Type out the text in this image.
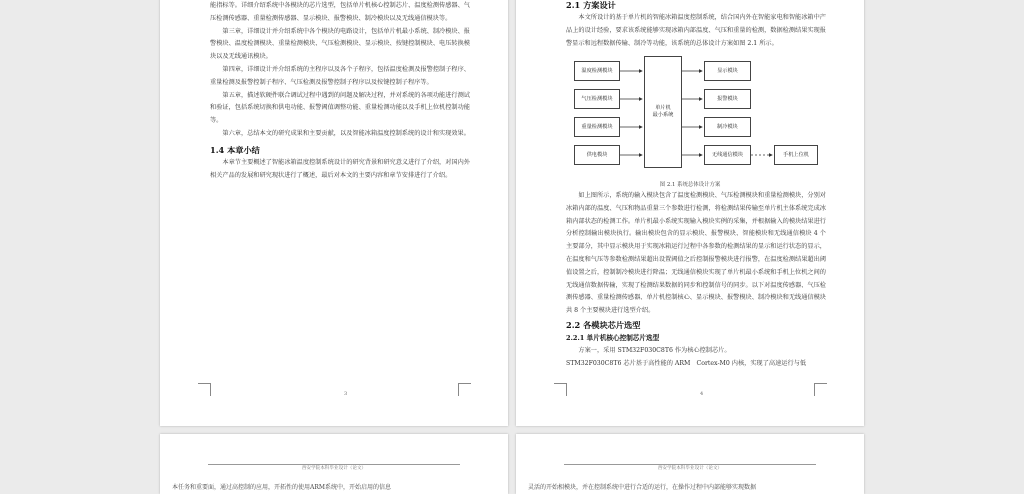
能指标等。详细介绍系统中各模块的芯片选型，包括单片机核心控制芯片、温度检测传感器、气压检测传感器、重量检测传感器、显示模块、报警模块、制冷模块以及无线通信模块等。

第三章，详细设计并介绍系统中各个模块的电路设计，包括单片机最小系统、制冷模块、报警模块、温度检测模块、重量检测模块、气压检测模块、显示模块、按键控制模块、电压转换模块以及无线通讯模块。

第四章，详细设计并介绍系统的主程序以及各个子程序，包括温度检测及报警控制子程序、重量检测及报警控制子程序、气压检测及报警控制子程序以及按键控制子程序等。

第五章，描述软硬件联合调试过程中遇到的问题及解决过程，并对系统的各项功能进行测试和验证，包括系统切换和供电功能、报警阈值调整功能、重量检测功能以及手机上位机控制功能等。

第六章，总结本文的研究成果和主要贡献，以及智能冰箱温度控制系统的设计和实现效果。

1.4 本章小结

本章节主要概述了智能冰箱温度控制系统设计的研究背景和研究意义进行了介绍，对国内外相关产品的发展和研究现状进行了概述，最后对本文的主要内容和章节安排进行了介绍。

3

2.1 方案设计

本文所设计的基于单片机的智能冰箱温度控制系统，结合国内外在智能家电和智能冰箱中产品上的设计经验，要求该系统能够实现冰箱内部温度、气压和重量的检测，数据检测结果实现报警显示和远程数据传输、制冷等功能，该系统的总体设计方案如图 2.1 所示。

温度检测模块
气压检测模块
重量检测模块
供电模块
单片机
最小系统
显示模块
报警模块
制冷模块
无线通信模块	手机上位机
图 2.1 系统总体设计方案

如上图所示，系统的输入模块包含了温度检测模块、气压检测模块和重量检测模块，分别对冰箱内部的温度、气压和物品重量三个参数进行检测，将检测结果传输至单片机主体系统完成冰箱内部状态的检测工作。单片机最小系统实现输入模块实例的采集，并根据输入的模块结果进行分析控制输出模块执行。输出模块包含的显示模块、报警模块、智能模块和无线通信模块 4 个主要部分，其中显示模块用于实现冰箱运行过程中各参数的检测结果的显示和运行状态的显示，在温度和气压等参数检测结果超出设置阈值之后控制报警模块进行报警，在温度检测结果超出阈值设置之后，控制制冷模块进行降温；无线通信模块实现了单片机最小系统和手机上位机之间的无线通信数据传输，实现了检测结果数据的同步和控制信号的同步。以下对温度传感器、气压检测传感器、重量检测传感器、单片机控制核心、显示模块、报警模块、制冷模块和无线通信模块共 8 个主要模块进行选型介绍。

2.2 各模块芯片选型

2.2.1 单片机核心控制芯片选型

方案一，采用 STM32F030C8T6 作为核心控制芯片。

STM32F030C8T6 芯片基于高性能的 ARM　Cortex-M0 内核，实现了高速运行与低

4
西安学院本科毕业设计（论文）
本任务和重要面，通过高控制的应用，开拓性的使用ARM系统中，开始启用的信息
西安学院本科毕业设计（论文）
灵活的开始相模块，并在控制系统中进行合适的运行，在操作过程中内部能够实现数据
